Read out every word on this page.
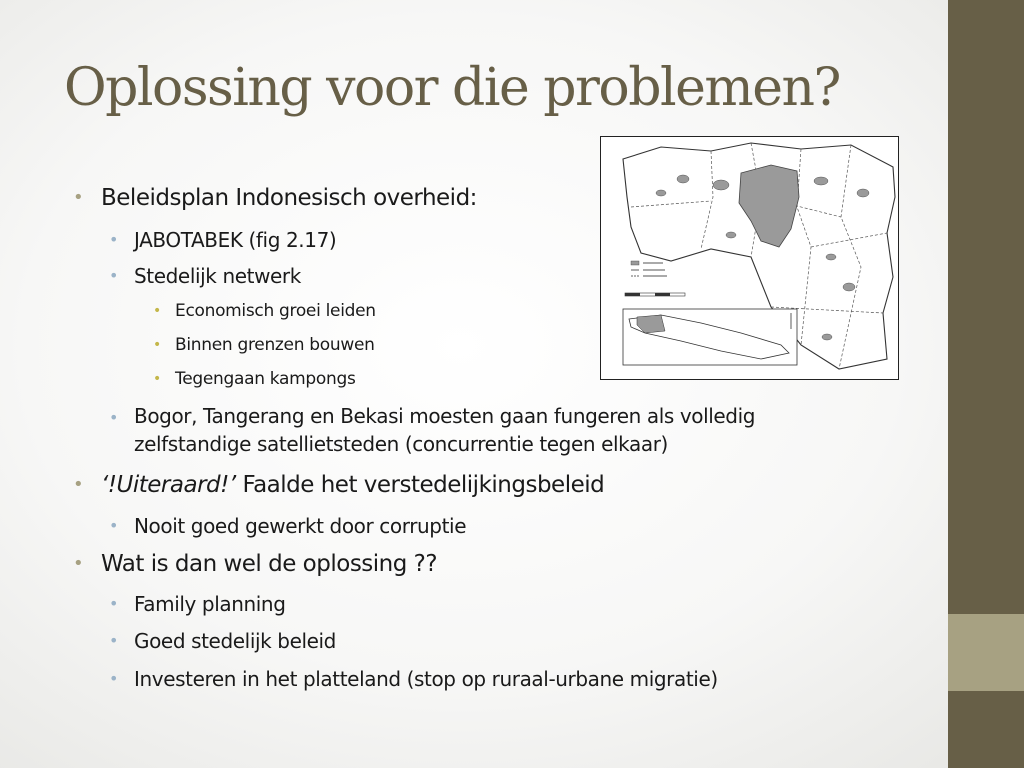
Oplossing voor die problemen?

• Beleidsplan Indonesisch overheid:

• JABOTABEK (fig 2.17)

• Stedelijk netwerk

• Economisch groei leiden

• Binnen grenzen bouwen

• Tegengaan kampongs

• Bogor, Tangerang en Bekasi moesten gaan fungeren als volledig
zelfstandige satellietsteden (concurrentie tegen elkaar)

• ‘!Uiteraard!’ Faalde het verstedelijkingsbeleid

• Nooit goed gewerkt door corruptie

• Wat is dan wel de oplossing ??

• Family planning

• Goed stedelijk beleid

• Investeren in het platteland (stop op ruraal-urbane migratie)
